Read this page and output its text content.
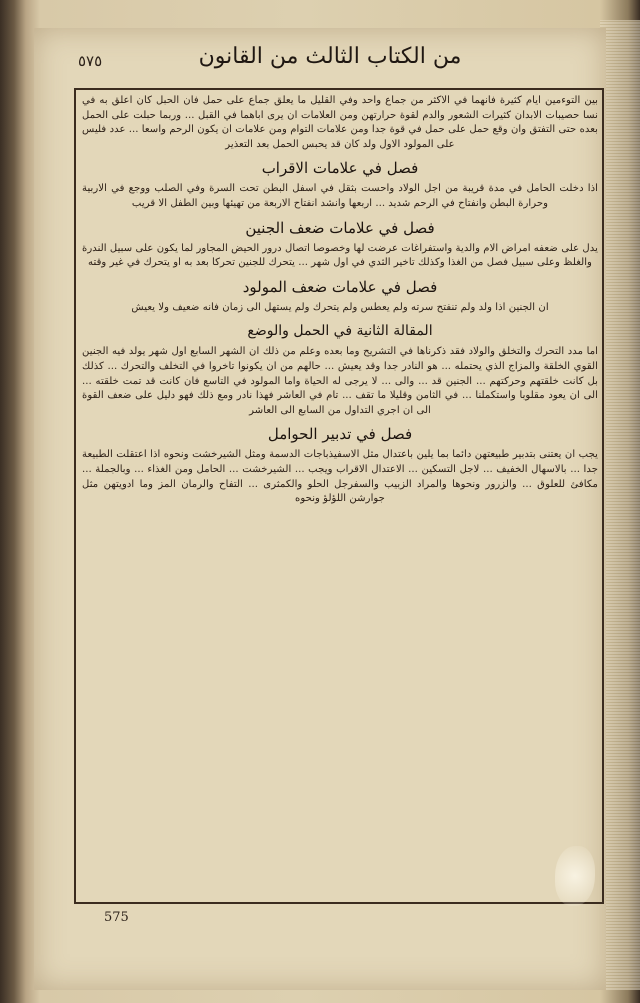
٥٧٥	من الكتاب الثالث من القانون

بين التوءمين ايام كثيرة فانهما في الاكثر من جماع واحد وفي القليل ما يعلق جماع على حمل فان الحبل كان اعلق به في نسا حصيبات الابدان كثيرات الشعور والدم لقوة حرارتهن ومن العلامات ان يرى اباهما في القبل ... وربما حبلت على الحمل بعده حتى التفتق وان وقع حمل على حمل في قوة جدا ومن علامات التوام ومن علامات ان يكون الرحم واسعا ... عدد فليس على المولود الاول ولد كان قد يحبس الحمل بعد التعذير

فصل في علامات الاقراب

اذا دخلت الحامل في مدة قريبة من اجل الولاد واحست بثقل في اسفل البطن تحت السرة وفي الصلب ووجع في الاربية وحرارة البطن وانفتاح في الرحم شديد ... اربعها وانشد انفتاح الاربعة من تهيئها وبين الطفل الا قريب

فصل في علامات ضعف الجنين

يدل على ضعفه امراض الام والدية واستفراغات عرضت لها وخصوصا اتصال درور الحيض المجاور لما يكون على سبيل الندرة والغلظ وعلى سبيل فصل من الغذا وكذلك تاخير الثدي في اول شهر ... يتحرك للجنين تحركا بعد به او يتحرك في غير وقته

فصل في علامات ضعف المولود

ان الجنين اذا ولد ولم تنفتح سرته ولم يعطس ولم يتحرك ولم يستهل الى زمان فانه ضعيف ولا يعيش

المقالة الثانية في الحمل والوضع

اما مدد التحرك والتخلق والولاد فقد ذكرناها في التشريح وما بعده وعلم من ذلك ان الشهر السابع اول شهر يولد فيه الجنين القوي الخلقة والمزاج الذي يحتمله ... هو النادر جدا وقد يعيش ... حالهم من ان يكونوا تاخروا في التخلف والتحرك ... كذلك بل كانت خلقتهم وحركتهم ... الجنين قد ... والى ... لا يرجى له الحياة واما المولود في التاسع فان كانت قد تمت خلقته ... الى ان يعود مقلوبا واستكملنا ... في الثامن وقليلا ما تقف ... تام في العاشر فهذا نادر ومع ذلك فهو دليل على ضعف القوة الى ان اجري التداول من السابع الى العاشر

فصل في تدبير الحوامل

يجب ان يعتنى بتدبير طبيعتهن دائما بما يلين باعتدال مثل الاسفيذباجات الدسمة ومثل الشيرخشت ونحوه اذا اعتقلت الطبيعة جدا ... بالاسهال الخفيف ... لاجل التسكين ... الاعتدال الاقراب ويجب ... الشيرخشت ... الحامل ومن الغذاء ... وبالجملة ... مكافئ للعلوق ... والزرور ونحوها والمراد الزبيب والسفرجل الحلو والكمثرى ... التفاح والرمان المز وما ادويتهن مثل جوارشن اللؤلؤ ونحوه

575
